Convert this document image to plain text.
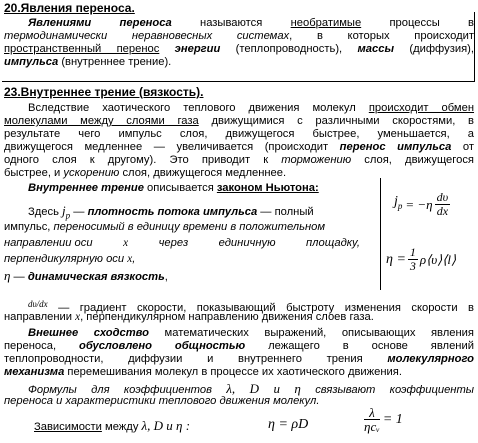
20.Явления переноса.
Явлениями переноса называются необратимые процессы в
термодинамически неравновесных системах, в которых происходит
пространственный перенос энергии (теплопроводность), массы (диффузия),
импульса (внутреннее трение).
23.Внутреннее трение (вязкость).
Вследствие хаотического теплового движения молекул происходит обмен
молекулами между слоями газа движущимися с различными скоростями, в
результате чего импульс слоя, движущегося быстрее, уменьшается, а
движущегося медленнее — увеличивается (происходит перенос импульса от
одного слоя к другому). Это приводит к торможению слоя, движущегося
быстрее, и ускорению слоя, движущегося медленнее.
Внутреннее трение описывается законом Ньютона:
Здесь $j_p$ — плотность потока импульса — полный
импульс, переносимый в единицу времени в положительном
направлении оси	x	через	единичную	площадку,
перпендикулярную оси x,
η — динамическая вязкость,
$j_p = -\eta \frac{d\upsilon}{dx}$
$\eta = \frac{1}{3}$ ρ⟨υ⟩⟨l⟩
$^{d\upsilon/dx}$ — градиент скорости, показывающий быстроту изменения скорости в
направлении x, перпендикулярном направлению движения слоев газа.
Внешнее сходство математических выражений, описывающих явления
переноса, обусловлено общностью лежащего в основе явлений
теплопроводности, диффузии и внутреннего трения молекулярного
механизма перемешивания молекул в процессе их хаотического движения.
Формулы для коэффициентов λ, D и η связывают коэффициенты
переноса и характеристики теплового движения молекул.
Зависимости между λ, D и η :	η = ρD	$\frac{\lambda}{\text{ηcᵥ}} = 1$
